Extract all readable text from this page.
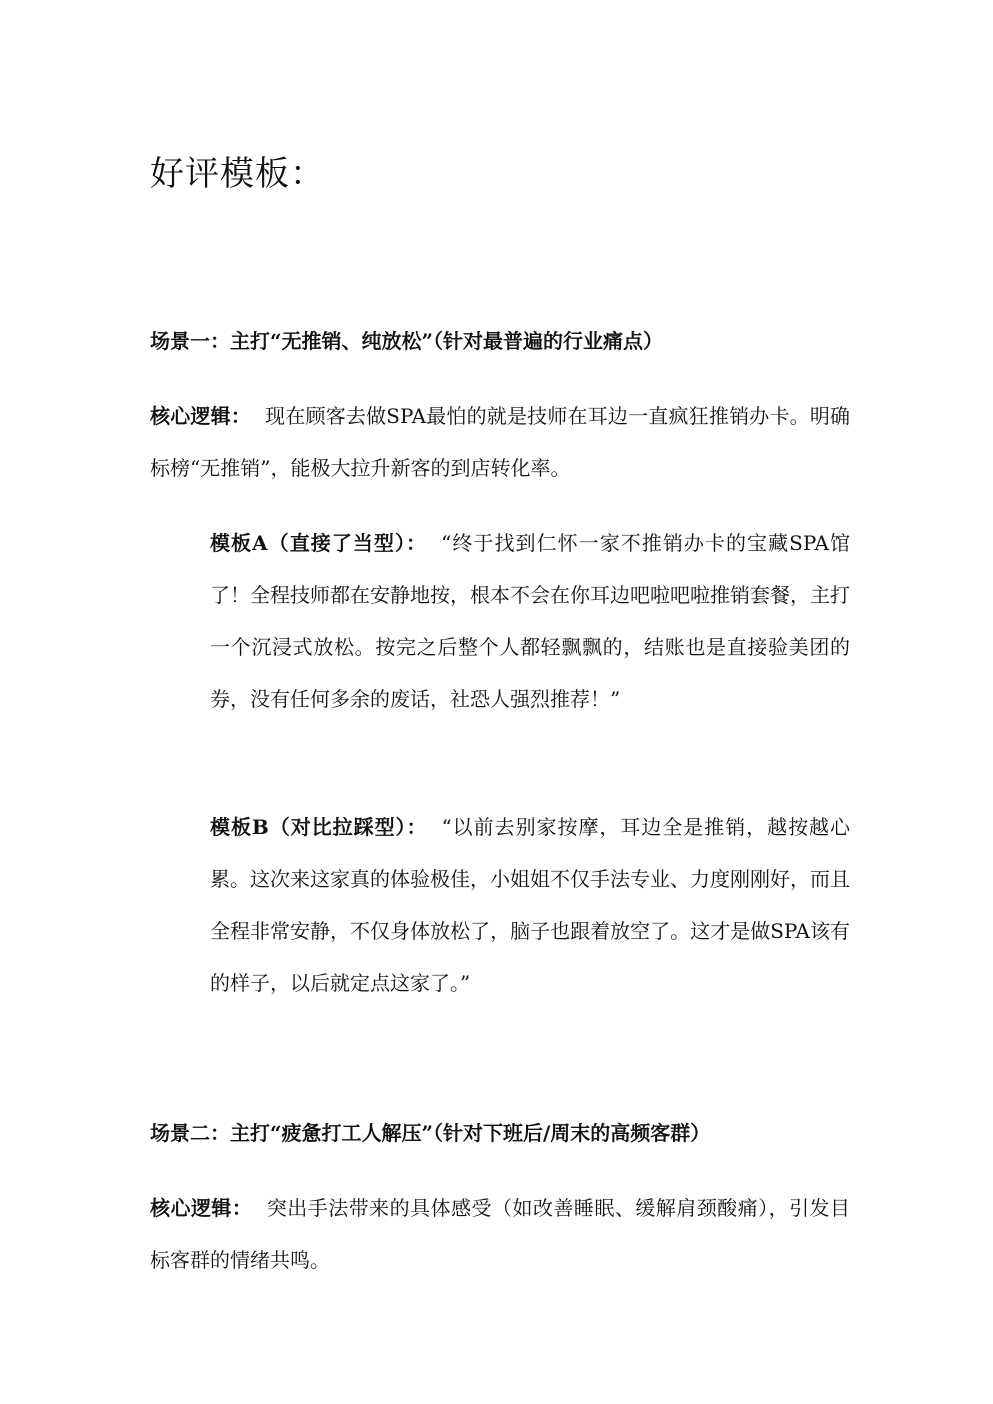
好评模板：
场景一：主打“无推销、纯放松”（针对最普遍的行业痛点）

核心逻辑： 现在顾客去做SPA最怕的就是技师在耳边一直疯狂推销办卡。明确标榜“无推销”，能极大拉升新客的到店转化率。

模板A（直接了当型）： “终于找到仁怀一家不推销办卡的宝藏SPA馆了！全程技师都在安静地按，根本不会在你耳边吧啦吧啦推销套餐，主打一个沉浸式放松。按完之后整个人都轻飘飘的，结账也是直接验美团的券，没有任何多余的废话，社恐人强烈推荐！”

模板B（对比拉踩型）： “以前去别家按摩，耳边全是推销，越按越心累。这次来这家真的体验极佳，小姐姐不仅手法专业、力度刚刚好，而且全程非常安静，不仅身体放松了，脑子也跟着放空了。这才是做SPA该有的样子，以后就定点这家了。”

场景二：主打“疲惫打工人解压”（针对下班后/周末的高频客群）

核心逻辑： 突出手法带来的具体感受（如改善睡眠、缓解肩颈酸痛），引发目标客群的情绪共鸣。
